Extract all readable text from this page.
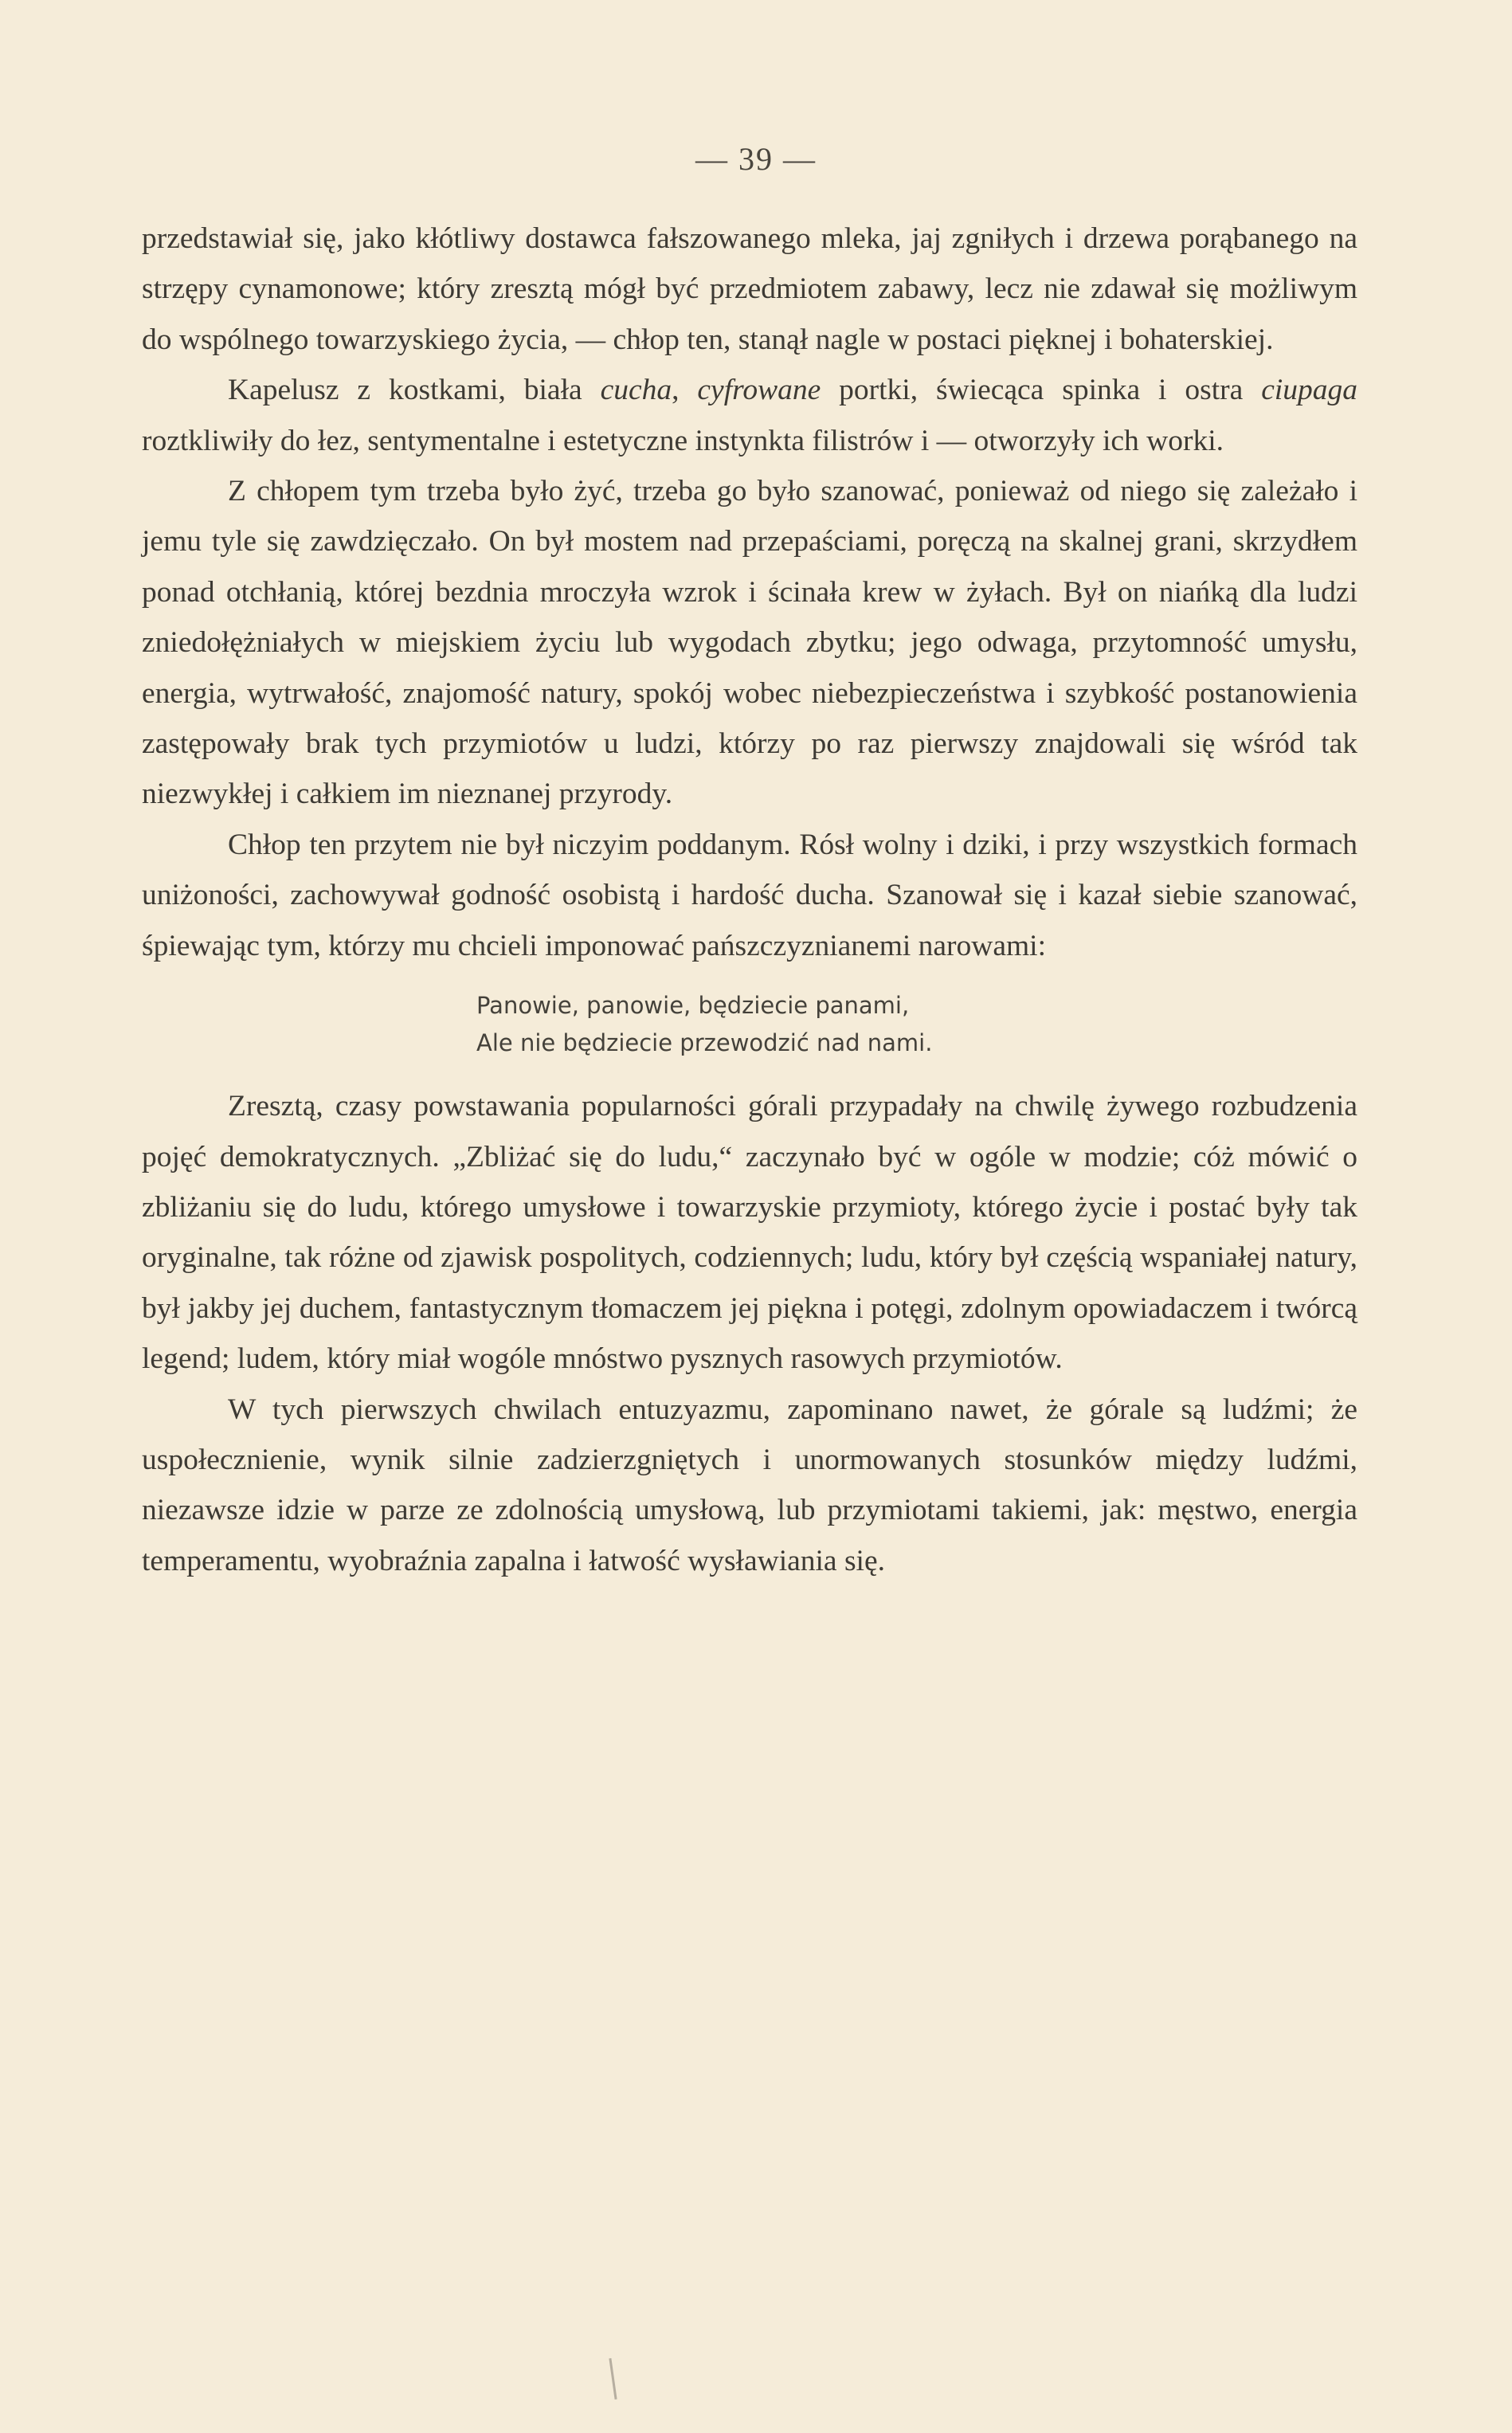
— 39 —

przedstawiał się, jako kłótliwy dostawca fałszowanego mleka, jaj zgniłych i drzewa porąbanego na strzępy cynamonowe; który zresztą mógł być przedmiotem zabawy, lecz nie zdawał się możliwym do wspólnego towarzyskiego życia, — chłop ten, stanął nagle w postaci pięknej i bohaterskiej.

Kapelusz z kostkami, biała cucha, cyfrowane portki, świecąca spinka i ostra ciupaga roztkliwiły do łez, sentymentalne i estetyczne instynkta filistrów i — otworzyły ich worki.

Z chłopem tym trzeba było żyć, trzeba go było szanować, ponieważ od niego się zależało i jemu tyle się zawdzięczało. On był mostem nad przepaściami, poręczą na skalnej grani, skrzydłem ponad otchłanią, której bezdnia mroczyła wzrok i ścinała krew w żyłach. Był on niańką dla ludzi zniedołężniałych w miejskiem życiu lub wygodach zbytku; jego odwaga, przytomność umysłu, energia, wytrwałość, znajomość natury, spokój wobec niebezpieczeństwa i szybkość postanowienia zastępowały brak tych przymiotów u ludzi, którzy po raz pierwszy znajdowali się wśród tak niezwykłej i całkiem im nieznanej przyrody.

Chłop ten przytem nie był niczyim poddanym. Rósł wolny i dziki, i przy wszystkich formach uniżoności, zachowywał godność osobistą i hardość ducha. Szanował się i kazał siebie szanować, śpiewając tym, którzy mu chcieli imponować pańszczyznianemi narowami:

Panowie, panowie, będziecie panami,
Ale nie będziecie przewodzić nad nami.

Zresztą, czasy powstawania popularności górali przypadały na chwilę żywego rozbudzenia pojęć demokratycznych. „Zbliżać się do ludu,“ zaczynało być w ogóle w modzie; cóż mówić o zbliżaniu się do ludu, którego umysłowe i towarzyskie przymioty, którego życie i postać były tak oryginalne, tak różne od zjawisk pospolitych, codziennych; ludu, który był częścią wspaniałej natury, był jakby jej duchem, fantastycznym tłomaczem jej piękna i potęgi, zdolnym opowiadaczem i twórcą legend; ludem, który miał wogóle mnóstwo pysznych rasowych przymiotów.

W tych pierwszych chwilach entuzyazmu, zapominano nawet, że górale są ludźmi; że uspołecznienie, wynik silnie zadzierzgniętych i unormowanych stosunków między ludźmi, niezawsze idzie w parze ze zdolnością umysłową, lub przymiotami takiemi, jak: męstwo, energia temperamentu, wyobraźnia zapalna i łatwość wysławiania się.
